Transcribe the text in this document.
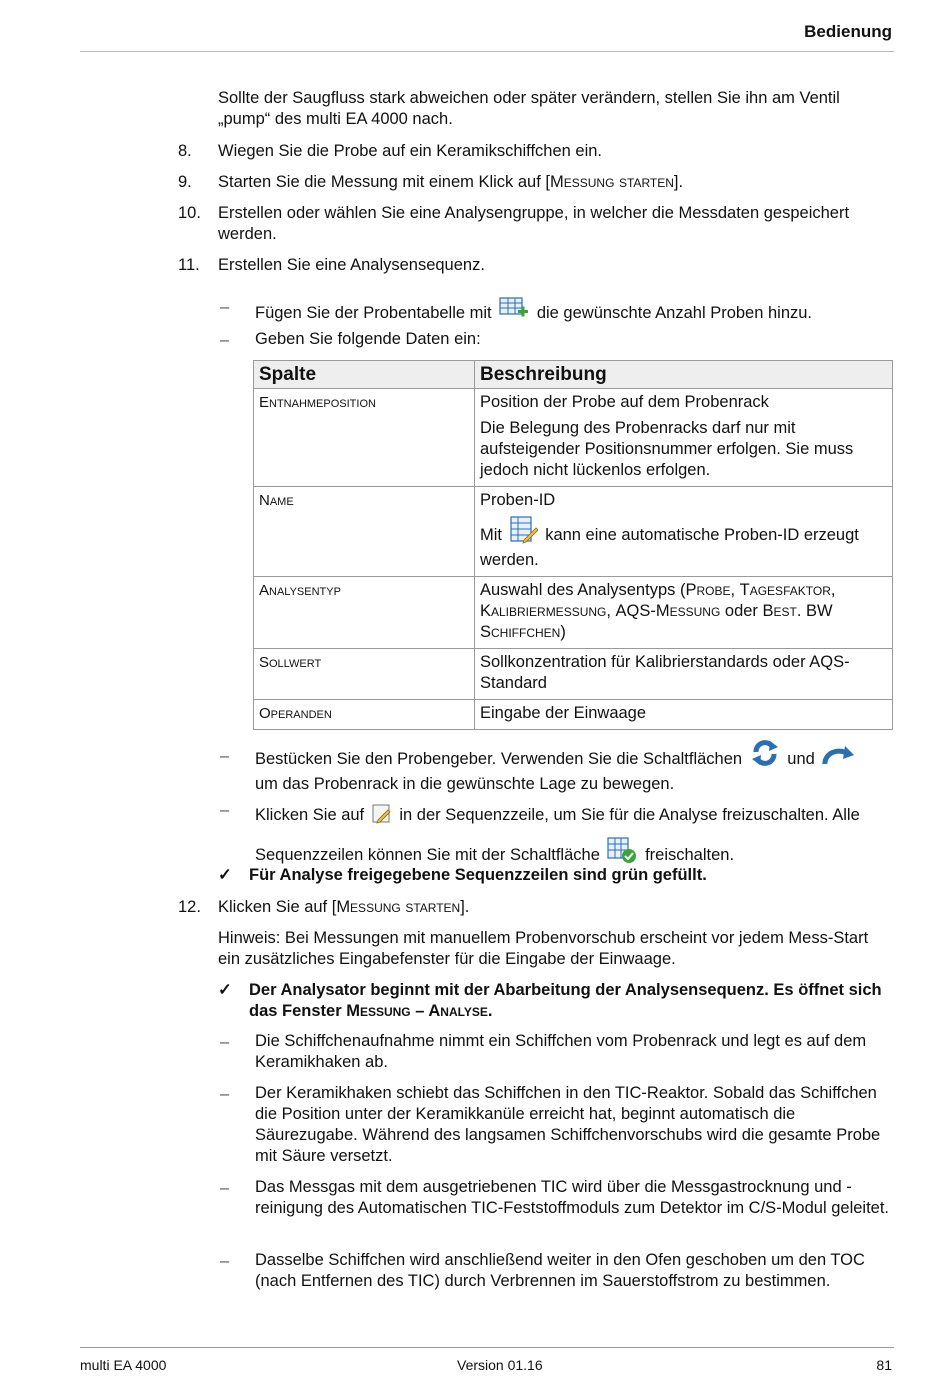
Bedienung
Sollte der Saugfluss stark abweichen oder später verändern, stellen Sie ihn am Ventil „pump“ des multi EA 4000 nach.
8. Wiegen Sie die Probe auf ein Keramikschiffchen ein.
9. Starten Sie die Messung mit einem Klick auf [Messung starten].
10. Erstellen oder wählen Sie eine Analysengruppe, in welcher die Messdaten gespeichert werden.
11. Erstellen Sie eine Analysensequenz.
– Fügen Sie der Probentabelle mit	die gewünschte Anzahl Proben hinzu.
– Geben Sie folgende Daten ein:
Spalte	Beschreibung
Entnahmeposition	Position der Probe auf dem Probenrack
Die Belegung des Probenracks darf nur mit aufsteigender Positionsnummer erfolgen. Sie muss jedoch nicht lückenlos erfolgen.

Name	Proben-ID
Mit kann eine automatische Proben-ID erzeugt werden.

Analysentyp	Auswahl des Analysentyps (Probe, Tagesfaktor, Kalibriermessung, AQS-Messung oder Best. BW Schiffchen)
Sollwert	Sollkonzentration für Kalibrierstandards oder AQS-Standard
Operanden	Eingabe der Einwaage
– Bestücken Sie den Probengeber. Verwenden Sie die Schaltflächen	und
um das Probenrack in die gewünschte Lage zu bewegen.
– Klicken Sie auf in der Sequenzzeile, um Sie für die Analyse freizuschalten. Alle
Sequenzzeilen können Sie mit der Schaltfläche	freischalten.
✓ Für Analyse freigegebene Sequenzzeilen sind grün gefüllt.
12. Klicken Sie auf [Messung starten].
Hinweis: Bei Messungen mit manuellem Probenvorschub erscheint vor jedem Mess-Start ein zusätzliches Eingabefenster für die Eingabe der Einwaage.
✓ Der Analysator beginnt mit der Abarbeitung der Analysensequenz. Es öffnet sich das Fenster Messung – Analyse.
– Die Schiffchenaufnahme nimmt ein Schiffchen vom Probenrack und legt es auf dem Keramikhaken ab.
– Der Keramikhaken schiebt das Schiffchen in den TIC-Reaktor. Sobald das Schiffchen die Position unter der Keramikkanüle erreicht hat, beginnt automatisch die Säurezugabe. Während des langsamen Schiffchenvorschubs wird die gesamte Probe mit Säure versetzt.
– Das Messgas mit dem ausgetriebenen TIC wird über die Messgastrocknung und -reinigung des Automatischen TIC-Feststoffmoduls zum Detektor im C/S-Modul geleitet.
– Dasselbe Schiffchen wird anschließend weiter in den Ofen geschoben um den TOC (nach Entfernen des TIC) durch Verbrennen im Sauerstoffstrom zu bestimmen.
multi EA 4000	Version 01.16	81
